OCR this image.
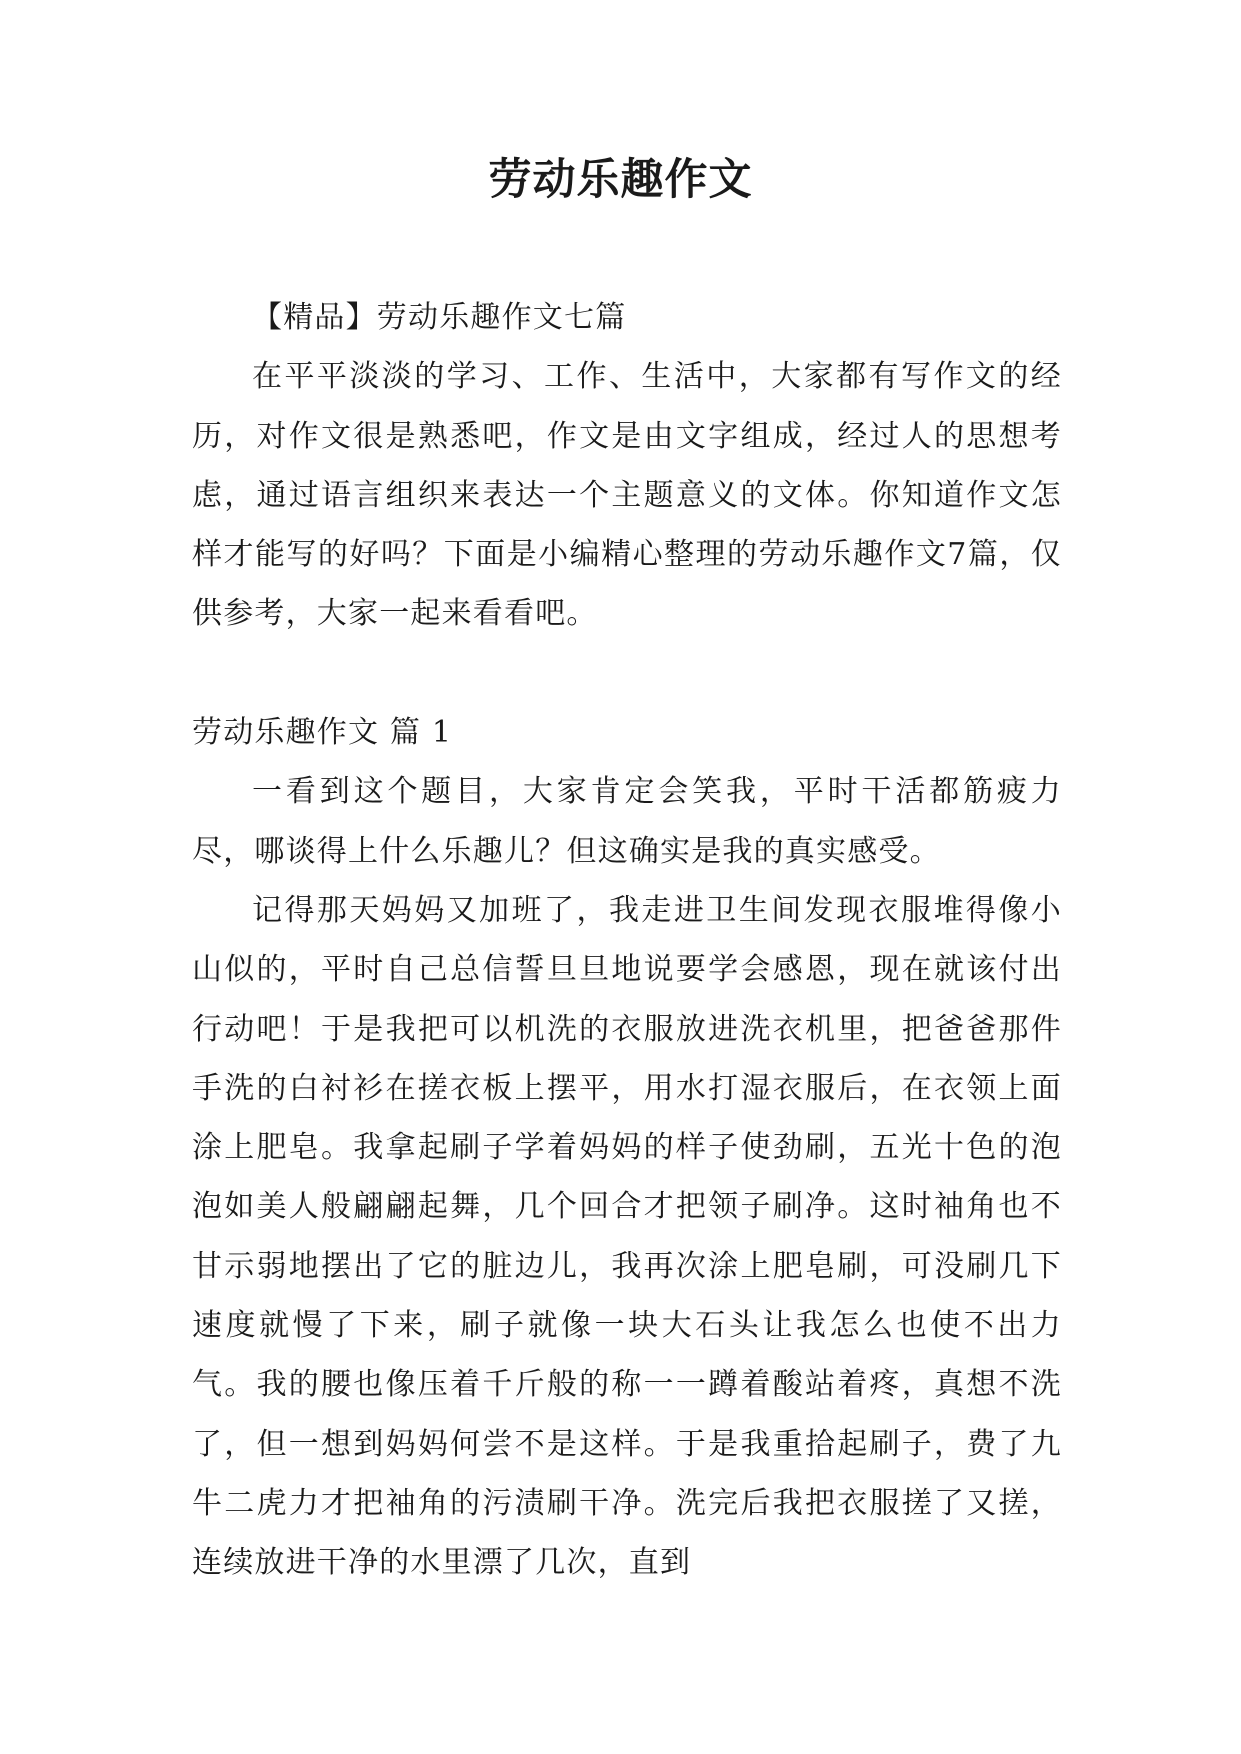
劳动乐趣作文

【精品】劳动乐趣作文七篇

在平平淡淡的学习、工作、生活中，大家都有写作文的经历，对作文很是熟悉吧，作文是由文字组成，经过人的思想考虑，通过语言组织来表达一个主题意义的文体。你知道作文怎样才能写的好吗？下面是小编精心整理的劳动乐趣作文7篇，仅供参考，大家一起来看看吧。

劳动乐趣作文 篇 1

一看到这个题目，大家肯定会笑我，平时干活都筋疲力尽，哪谈得上什么乐趣儿？但这确实是我的真实感受。

记得那天妈妈又加班了，我走进卫生间发现衣服堆得像小山似的，平时自己总信誓旦旦地说要学会感恩，现在就该付出行动吧！于是我把可以机洗的衣服放进洗衣机里，把爸爸那件手洗的白衬衫在搓衣板上摆平，用水打湿衣服后，在衣领上面涂上肥皂。我拿起刷子学着妈妈的样子使劲刷，五光十色的泡泡如美人般翩翩起舞，几个回合才把领子刷净。这时袖角也不甘示弱地摆出了它的脏边儿，我再次涂上肥皂刷，可没刷几下速度就慢了下来，刷子就像一块大石头让我怎么也使不出力气。我的腰也像压着千斤般的称一一蹲着酸站着疼，真想不洗了，但一想到妈妈何尝不是这样。于是我重拾起刷子，费了九牛二虎力才把袖角的污渍刷干净。洗完后我把衣服搓了又搓，连续放进干净的水里漂了几次，直到
